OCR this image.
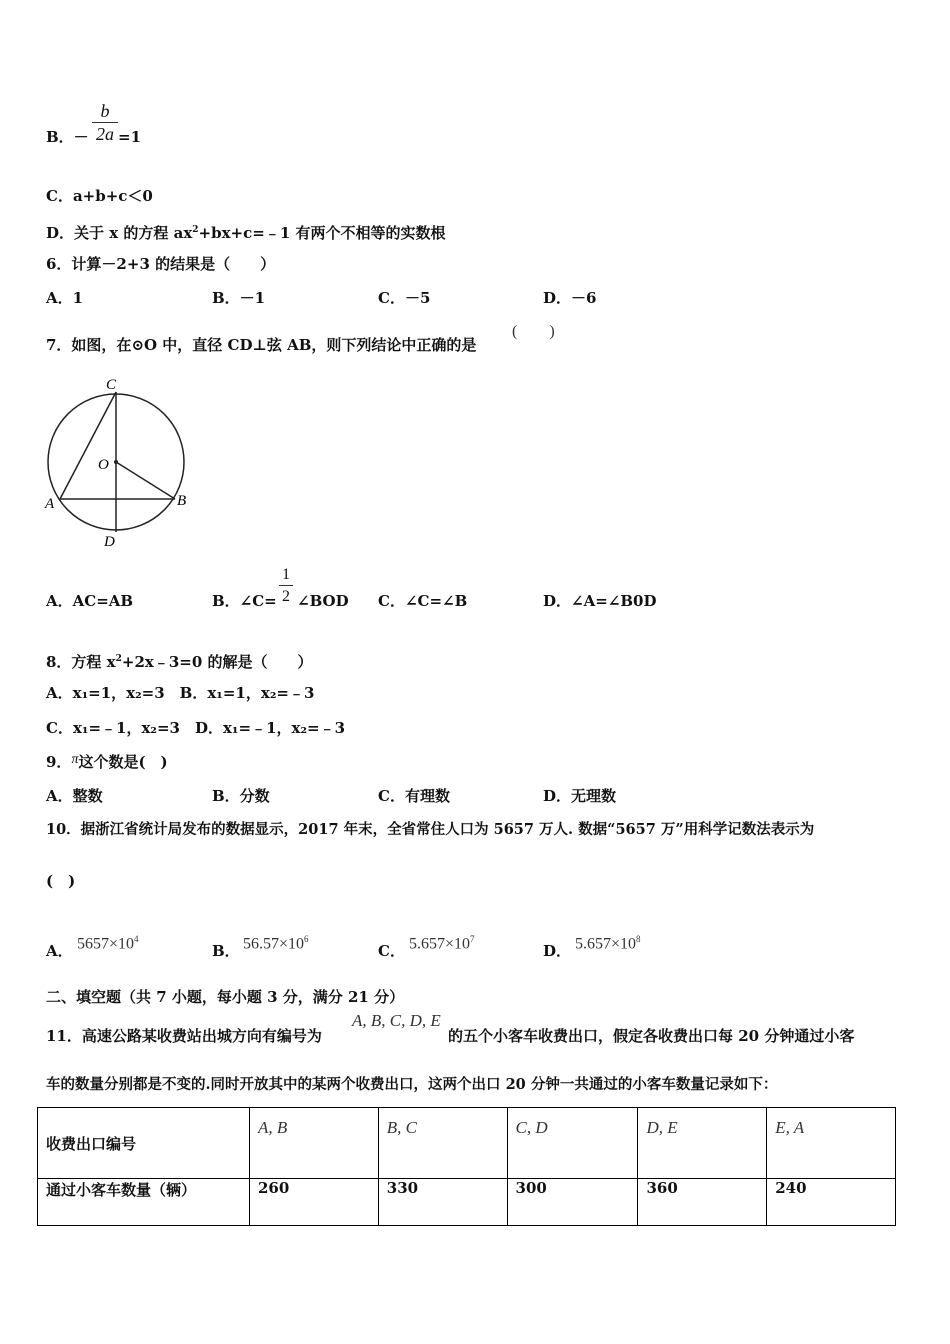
B．－
b
2a =1
C．a+b+c＜0
D．关于 x 的方程 $ax^2+bx+c=﹣1$ 有两个不相等的实数根
6．计算－2+3 的结果是（　　）
A．1	B．－1	C．－5	D．－6
7．如图，在⊙O 中，直径 CD⊥弦 AB，则下列结论中正确的是
(　　)
C
O
A	B
D
A．AC=AB	B．∠C=
1
2 ∠BOD C．∠C=∠B	D．∠A=∠B0D
8．方程 $x^2+2x﹣3=0$ 的解是（　　）
A．x₁=1，x₂=3　B．x₁=1，x₂=﹣3
C．x₁=﹣1，x₂=3　D．x₁=﹣1，x₂=﹣3
9．π这个数是(　)
A．整数	B．分数	C．有理数	D．无理数
10．据浙江省统计局发布的数据显示，2017 年末，全省常住人口为 5657 万人. 数据“5657 万”用科学记数法表示为
(　)
A． $5657\times 10^4$
B． $56.57\times 10^6$
C． $5.657\times 10^7$
D． $5.657\times 10^8$
二、填空题（共 7 小题，每小题 3 分，满分 21 分）
11．高速公路某收费站出城方向有编号为
A, B, C, D, E
的五个小客车收费出口，假定各收费出口每 20 分钟通过小客
车的数量分别都是不变的.同时开放其中的某两个收费出口，这两个出口 20 分钟一共通过的小客车数量记录如下：
收费出口编号	A, B	B, C	C, D	D, E	E, A
通过小客车数量（辆）	260	330	300	360	240
